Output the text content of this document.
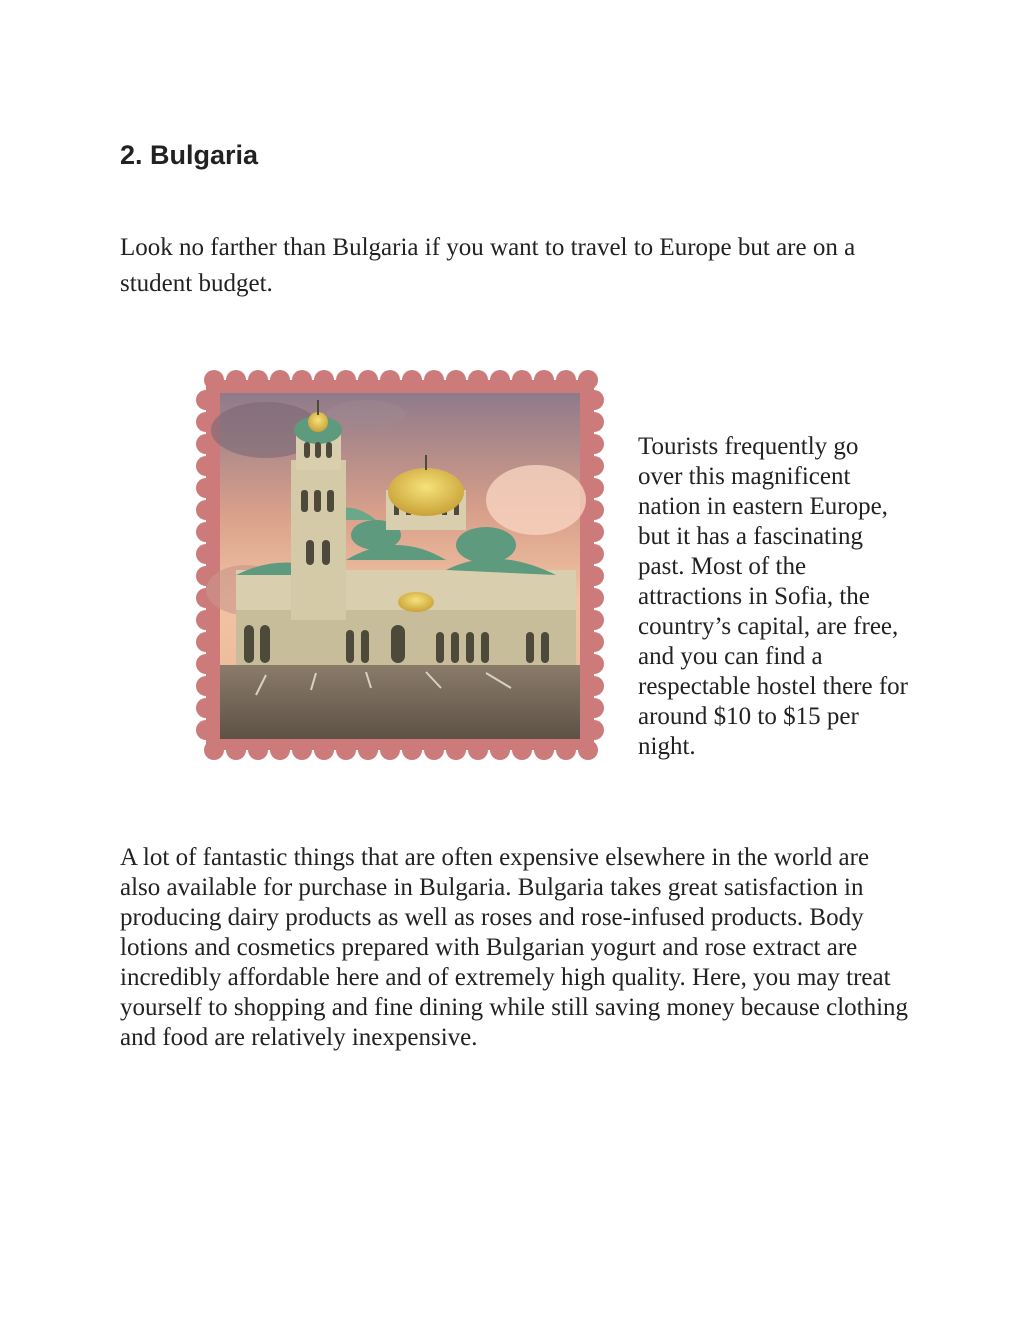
2. Bulgaria

Look no farther than Bulgaria if you want to travel to Europe but are on a student budget.

Tourists frequently go over this magnificent nation in eastern Europe, but it has a fascinating past. Most of the attractions in Sofia, the country’s capital, are free, and you can find a respectable hostel there for around $10 to $15 per night.

A lot of fantastic things that are often expensive elsewhere in the world are also available for purchase in Bulgaria. Bulgaria takes great satisfaction in producing dairy products as well as roses and rose-infused products. Body lotions and cosmetics prepared with Bulgarian yogurt and rose extract are incredibly affordable here and of extremely high quality. Here, you may treat yourself to shopping and fine dining while still saving money because clothing and food are relatively inexpensive.
